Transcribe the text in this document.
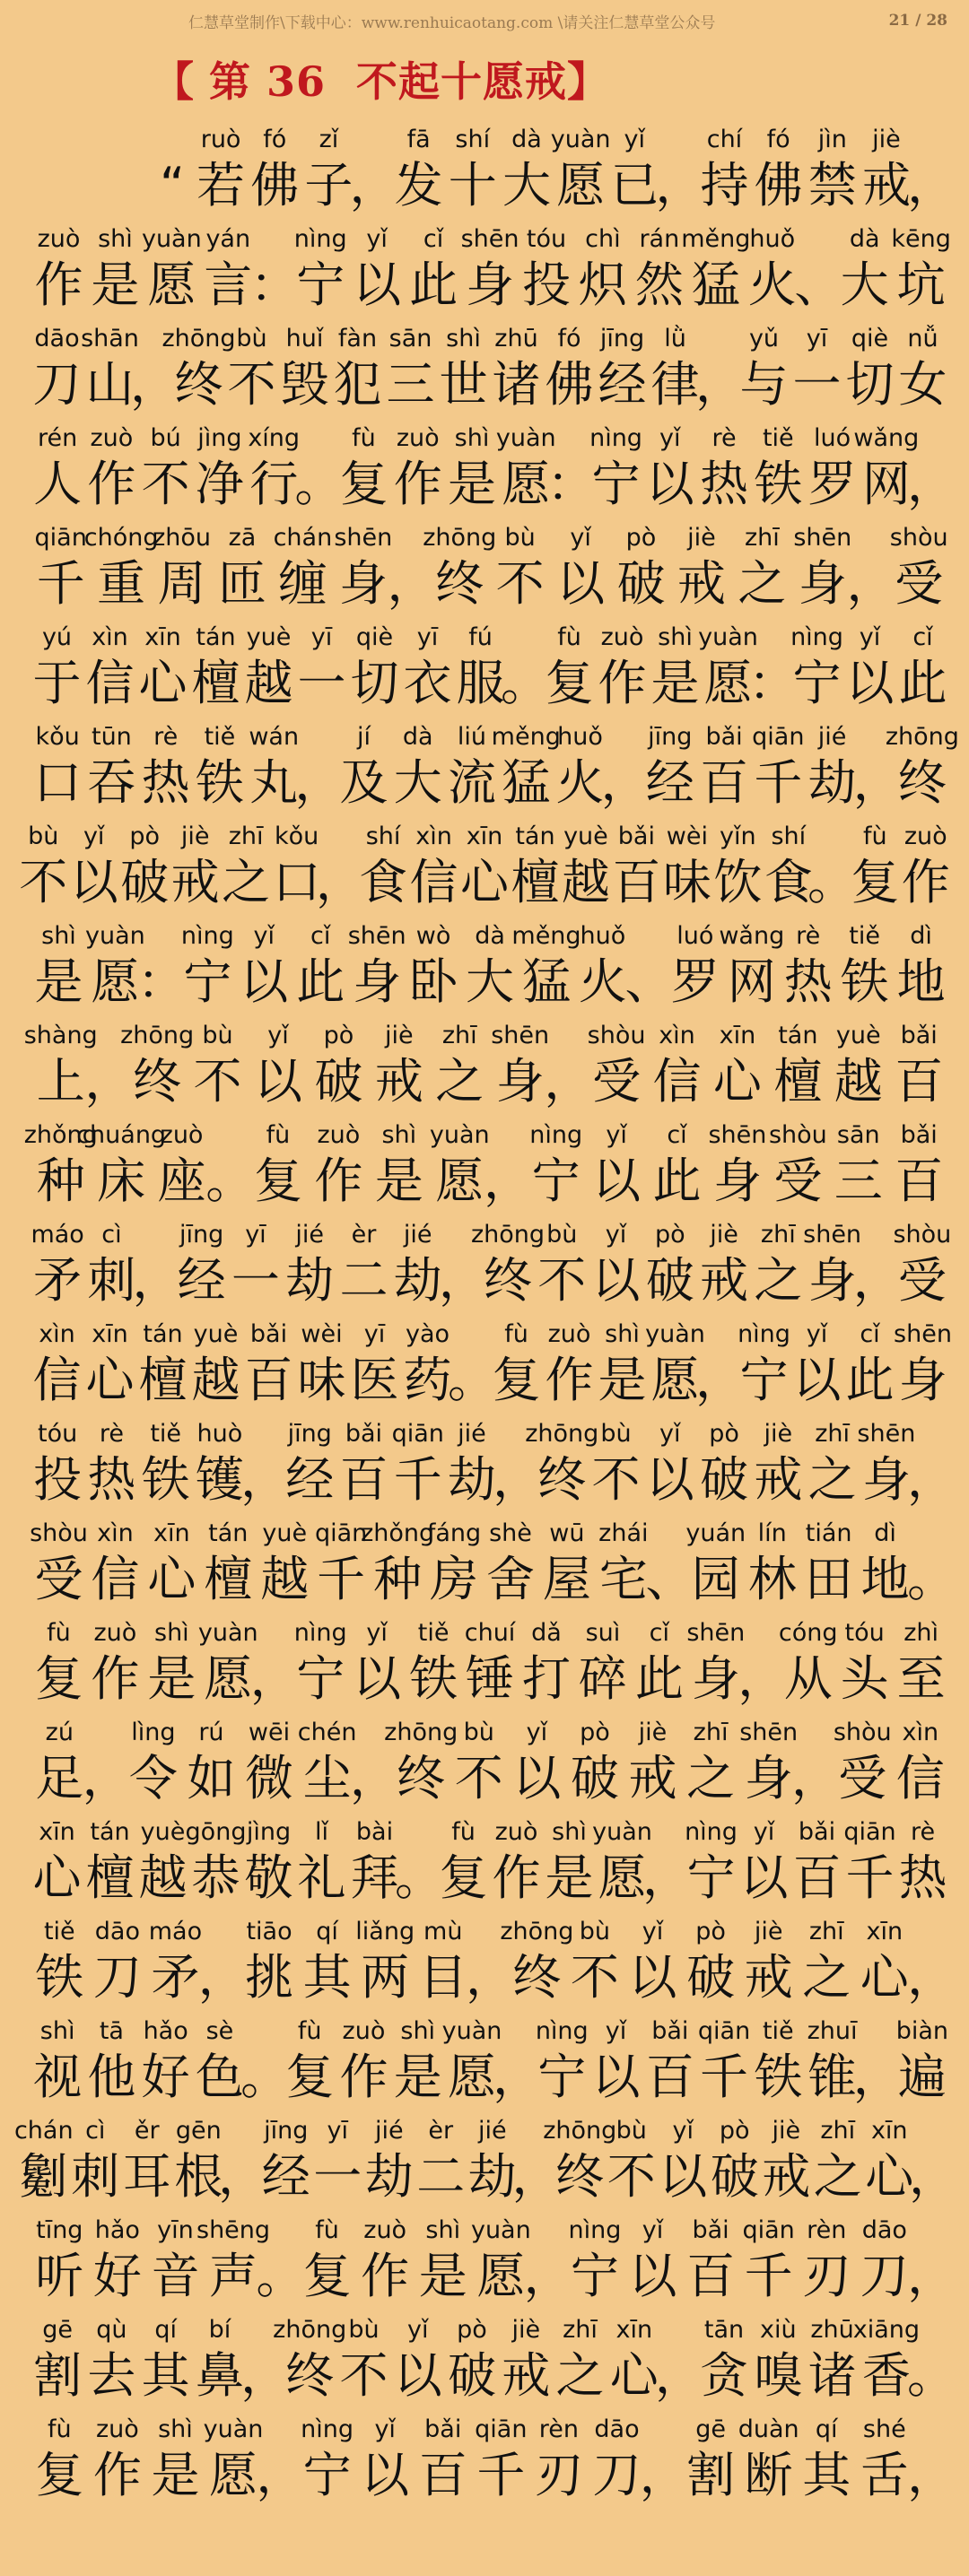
仁慧草堂制作\下载中心：www.renhuicaotang.com \请关注仁慧草堂公众号	21 / 28
【 第 36 不起十愿戒 】
“
ruò
若
fó
佛
zǐ
子
，
fā
发
shí
十
dà
大
yuàn
愿
yǐ
已
，
chí
持
fó
佛
jìn
禁
jiè
戒
，
zuò
作
shì
是
yuàn
愿
yán
言
：
nìng
宁
yǐ
以
cǐ
此
shēn
身
tóu
投
chì
炽
rán
然
měng
猛
huǒ
火
、
dà
大
kēng
坑
dāo
刀
shān
山
，
zhōng
终
bù
不
huǐ
毁
fàn
犯
sān
三
shì
世
zhū
诸
fó
佛
jīng
经
lǜ
律
，
yǔ
与
yī
一
qiè
切
nǚ
女
rén
人
zuò
作
bú
不
jìng
净
xíng
行
。
fù
复
zuò
作
shì
是
yuàn
愿
：
nìng
宁
yǐ
以
rè
热
tiě
铁
luó
罗
wǎng
网
，
qiān
千
chóng
重
zhōu
周
zā
匝
chán
缠
shēn
身 ，
zhōng
终
bù
不
yǐ
以
pò
破
jiè
戒
zhī
之
shēn
身 ，
shòu
受
yú
于
xìn
信
xīn
心
tán
檀
yuè
越
yī
一
qiè
切
yī
衣
fú
服
。
fù
复
zuò
作
shì
是
yuàn
愿
：
nìng
宁
yǐ
以
cǐ
此
kǒu
口
tūn
吞
rè
热
tiě
铁
wán
丸
，
jí
及
dà
大
liú
流
měng
猛
huǒ
火
，
jīng
经
bǎi
百
qiān
千
jié
劫
，
zhōng
终
bù
不
yǐ
以
pò
破
jiè
戒
zhī
之
kǒu
口
，
shí
食
xìn
信
xīn
心
tán
檀
yuè
越
bǎi
百
wèi
味
yǐn
饮
shí
食
。
fù
复
zuò
作
shì
是
yuàn
愿
：
nìng
宁
yǐ
以
cǐ
此
shēn
身
wò
卧
dà
大
měng
猛
huǒ
火
、
luó
罗
wǎng
网
rè
热
tiě
铁
dì
地
shàng
上 ，
zhōng
终
bù
不
yǐ
以
pò
破
jiè
戒
zhī
之
shēn
身 ，
shòu
受
xìn
信
xīn
心
tán
檀
yuè
越
bǎi
百
zhǒng
种
chuáng
床
zuò
座 。
fù
复
zuò
作
shì
是
yuàn
愿 ，
nìng
宁
yǐ
以
cǐ
此
shēn
身
shòu
受
sān
三
bǎi
百
máo
矛
cì
刺
，
jīng
经
yī
一
jié
劫
èr
二
jié
劫
，
zhōng
终
bù
不
yǐ
以
pò
破
jiè
戒
zhī
之
shēn
身
，
shòu
受
xìn
信
xīn
心
tán
檀
yuè
越
bǎi
百
wèi
味
yī
医
yào
药
。
fù
复
zuò
作
shì
是
yuàn
愿
，
nìng
宁
yǐ
以
cǐ
此
shēn
身
tóu
投
rè
热
tiě
铁
huò
镬
，
jīng
经
bǎi
百
qiān
千
jié
劫
，
zhōng
终
bù
不
yǐ
以
pò
破
jiè
戒
zhī
之
shēn
身
，
shòu
受
xìn
信
xīn
心
tán
檀
yuè
越
qiān
千
zhǒng
种
fáng
房
shè
舍
wū
屋
zhái
宅
、
yuán
园
lín
林
tián
田
dì
地
。
fù
复
zuò
作
shì
是
yuàn
愿
，
nìng
宁
yǐ
以
tiě
铁
chuí
锤
dǎ
打
suì
碎
cǐ
此
shēn
身
，
cóng
从
tóu
头
zhì
至
zú
足
，
lìng
令
rú
如
wēi
微
chén
尘
，
zhōng
终
bù
不
yǐ
以
pò
破
jiè
戒
zhī
之
shēn
身
，
shòu
受
xìn
信
xīn
心
tán
檀
yuè
越
gōng
恭
jìng
敬
lǐ
礼
bài
拜
。
fù
复
zuò
作
shì
是
yuàn
愿
，
nìng
宁
yǐ
以
bǎi
百
qiān
千
rè
热
tiě
铁
dāo
刀
máo
矛
，
tiāo
挑
qí
其
liǎng
两
mù
目
，
zhōng
终
bù
不
yǐ
以
pò
破
jiè
戒
zhī
之
xīn
心
，
shì
视
tā
他
hǎo
好
sè
色
。
fù
复
zuò
作
shì
是
yuàn
愿
，
nìng
宁
yǐ
以
bǎi
百
qiān
千
tiě
铁
zhuī
锥
，
biàn
遍
chán
劖
cì
刺
ěr
耳
gēn
根
，
jīng
经
yī
一
jié
劫
èr
二
jié
劫
，
zhōng
终
bù
不
yǐ
以
pò
破
jiè
戒
zhī
之
xīn
心
，
tīng
听
hǎo
好
yīn
音
shēng
声
。
fù
复
zuò
作
shì
是
yuàn
愿
，
nìng
宁
yǐ
以
bǎi
百
qiān
千
rèn
刃
dāo
刀
，
gē
割
qù
去
qí
其
bí
鼻
，
zhōng
终
bù
不
yǐ
以
pò
破
jiè
戒
zhī
之
xīn
心
，
tān
贪
xiù
嗅
zhū
诸
xiāng
香
。
fù
复
zuò
作
shì
是
yuàn
愿
，
nìng
宁
yǐ
以
bǎi
百
qiān
千
rèn
刃
dāo
刀
，
gē
割
duàn
断
qí
其
shé
舌
，
